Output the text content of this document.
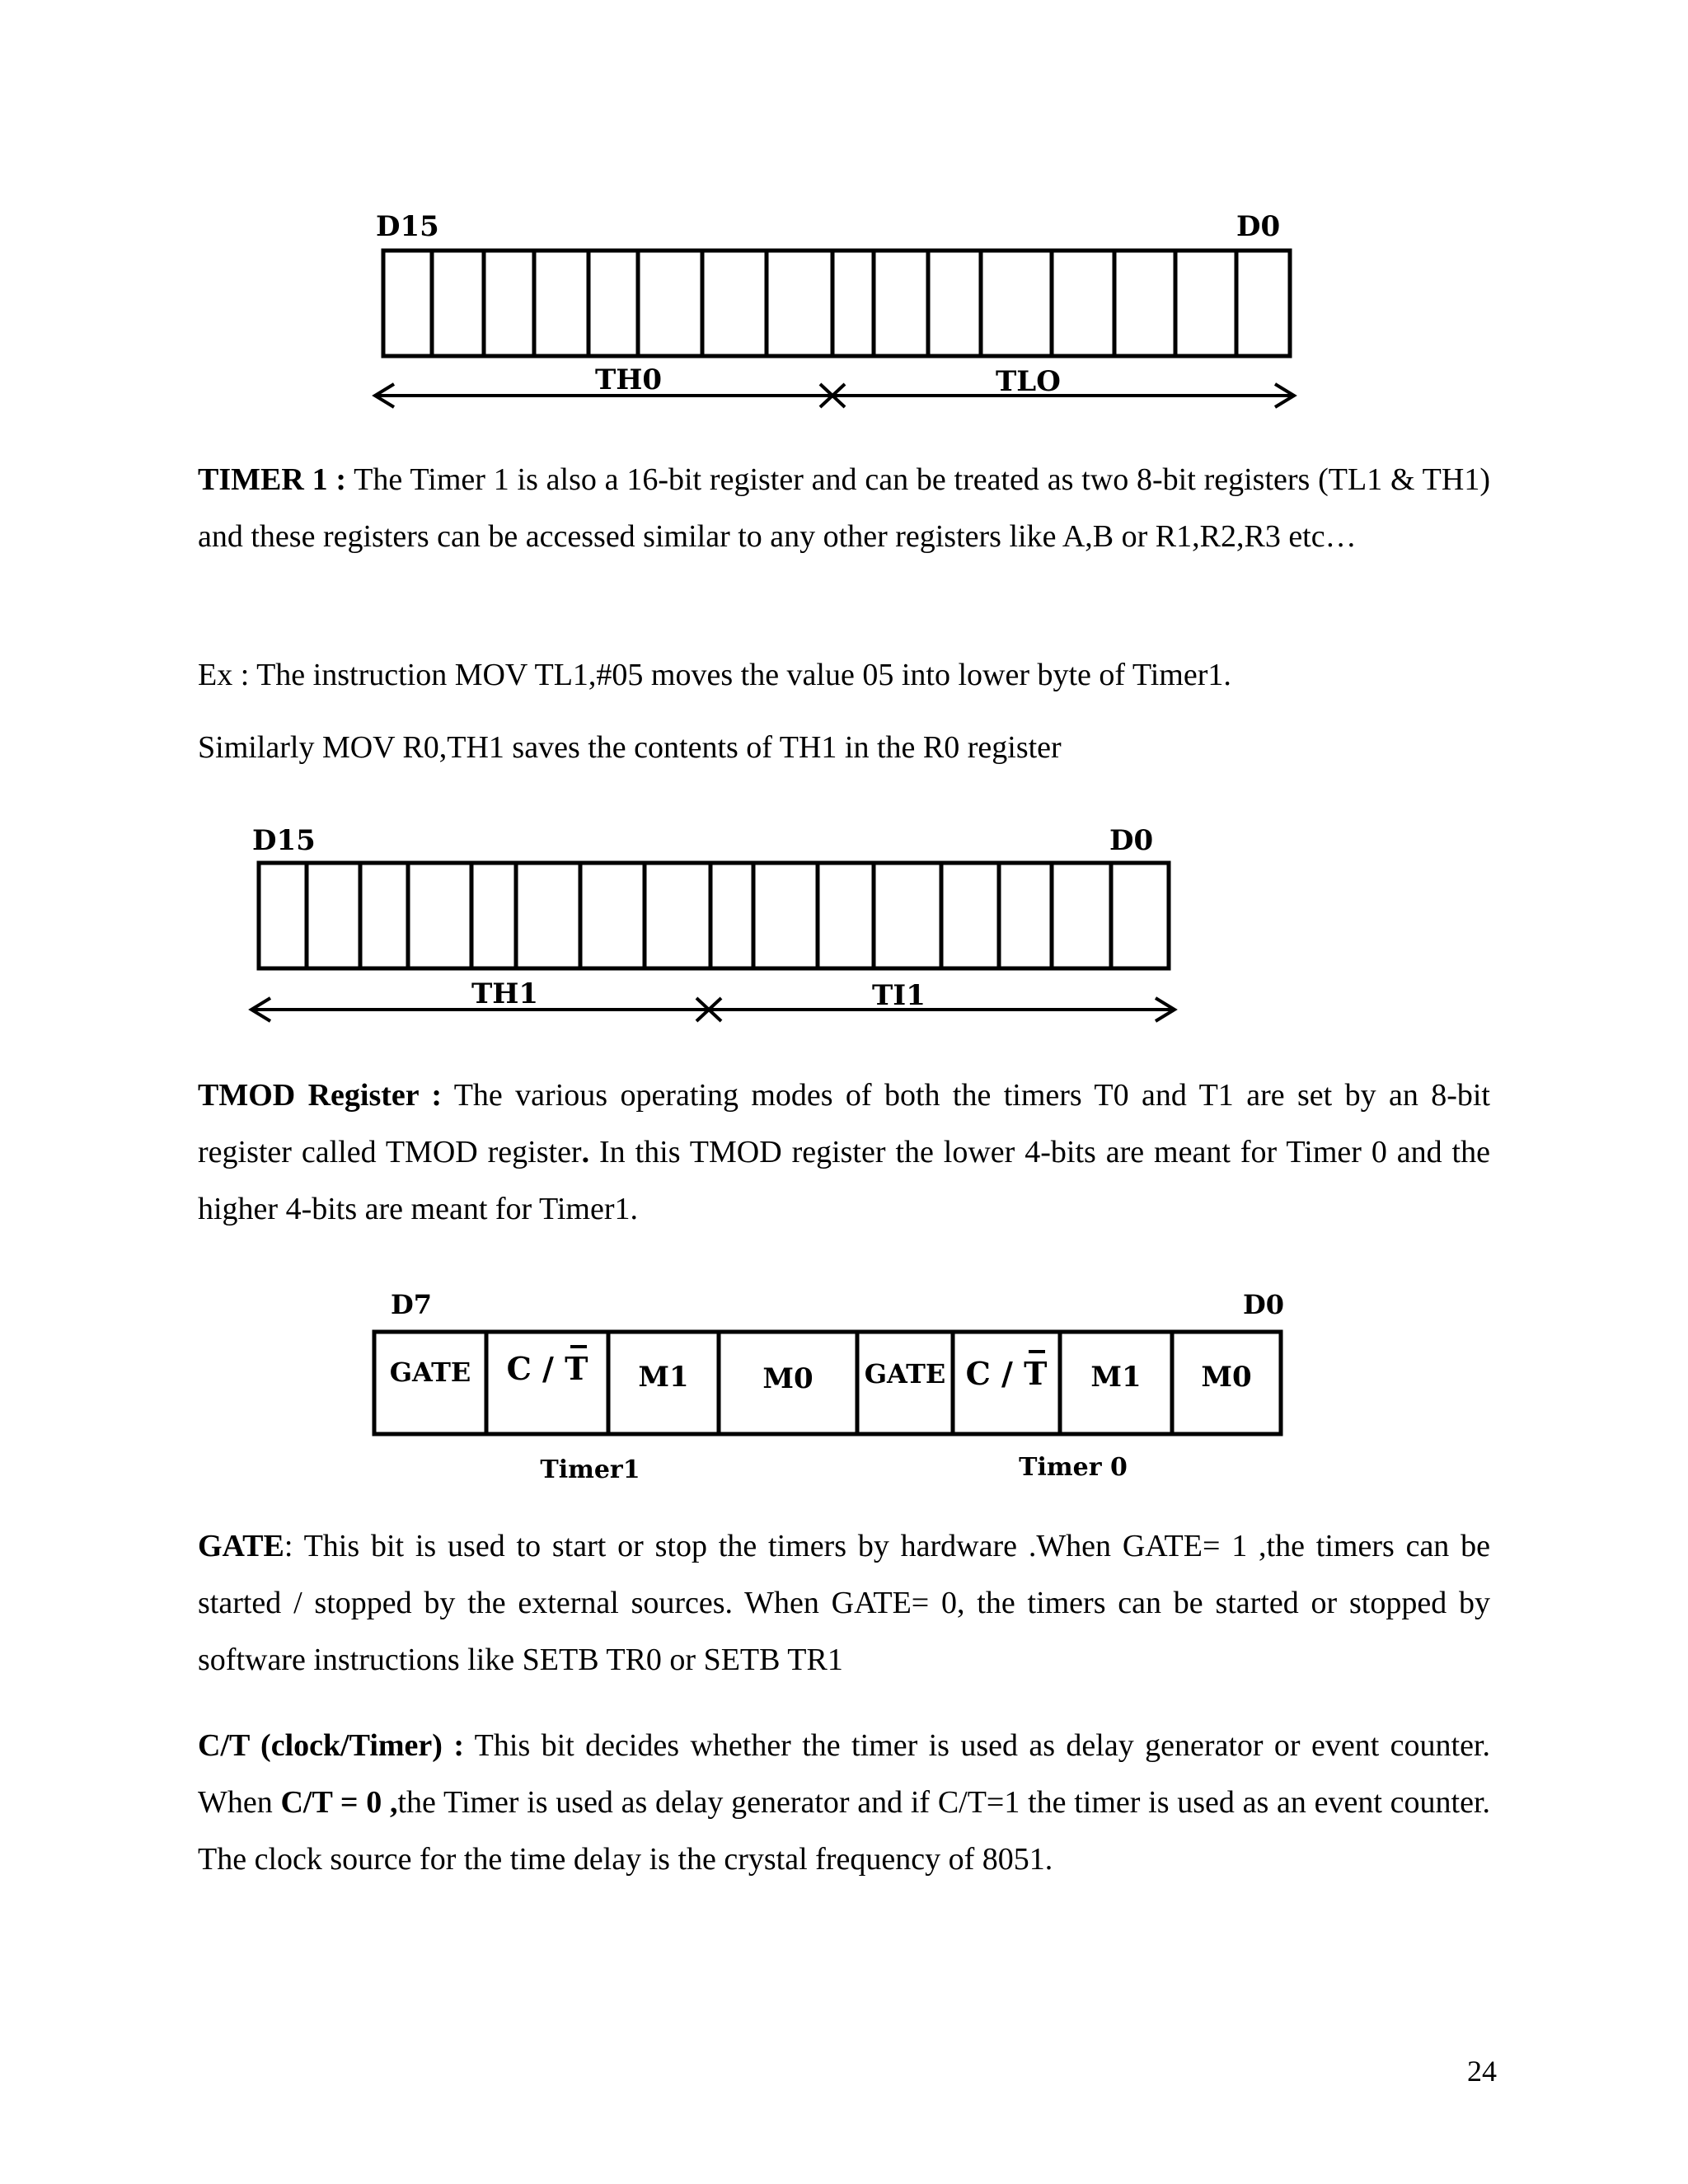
D15	D0
TH0	TLO

TIMER 1 : The Timer 1 is also a 16-bit register and can be treated as two 8-bit registers (TL1 & TH1) and these registers can be accessed similar to any other registers like A,B or R1,R2,R3 etc…

Ex : The instruction MOV TL1,#05 moves the value 05 into lower byte of Timer1.

Similarly MOV R0,TH1 saves the contents of TH1 in the R0 register

D15	D0
TH1	TI1

TMOD Register : The various operating modes of both the timers T0 and T1 are set by an 8-bit register called TMOD register. In this TMOD register the lower 4-bits are meant for Timer 0 and the higher 4-bits are meant for Timer1.

D7	D0
GATE C / T M1	M0 GATE C / T M1 M0
Timer1	Timer 0

GATE: This bit is used to start or stop the timers by hardware .When GATE= 1 ,the timers can be started / stopped by the external sources. When GATE= 0, the timers can be started or stopped by software instructions like SETB TR0 or SETB TR1

C/T (clock/Timer) : This bit decides whether the timer is used as delay generator or event counter. When C/T = 0 ,the Timer is used as delay generator and if C/T=1 the timer is used as an event counter. The clock source for the time delay is the crystal frequency of 8051.

24
